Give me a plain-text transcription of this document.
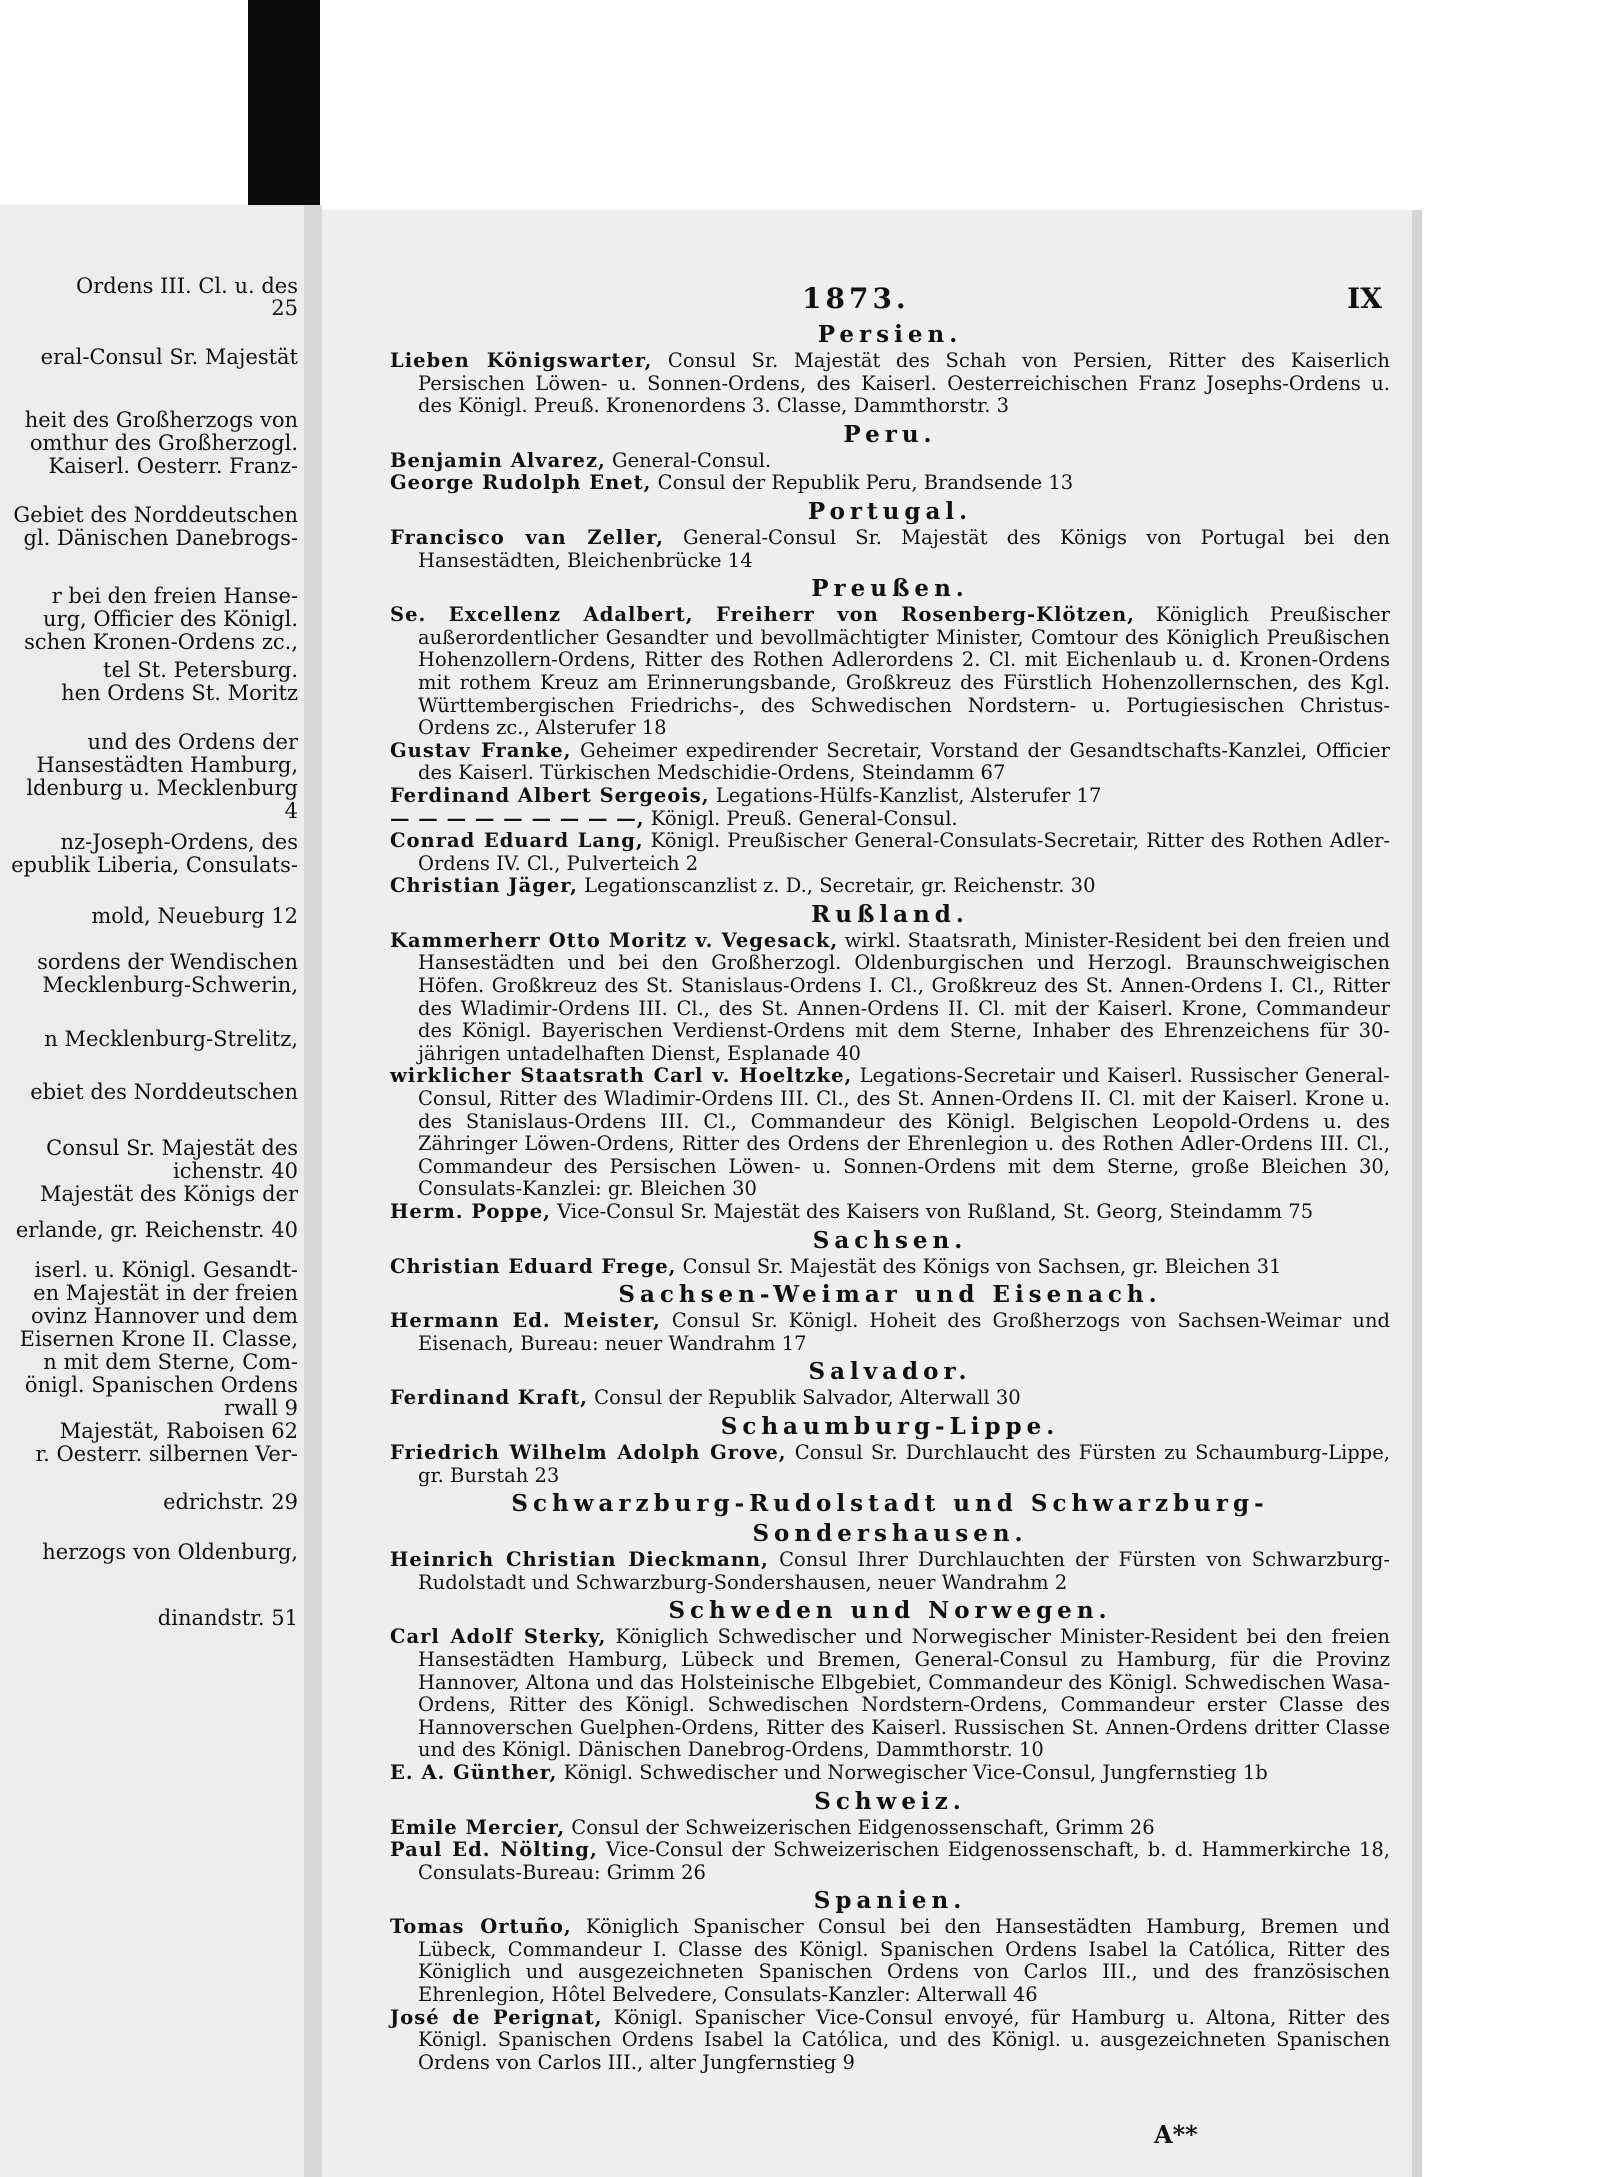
Ordens III. Cl. u. des
25
eral-Consul Sr. Majestät
heit des Großherzogs von
omthur des Großherzogl.
Kaiserl. Oesterr. Franz-
Gebiet des Norddeutschen
gl. Dänischen Danebrogs-
r bei den freien Hanse-
urg, Officier des Königl.
schen Kronen-Ordens zc.,
tel St. Petersburg.
hen Ordens St. Moritz
und des Ordens der
Hansestädten Hamburg,
ldenburg u. Mecklenburg
4
nz-Joseph-Ordens, des
epublik Liberia, Consulats-
mold, Neueburg 12
sordens der Wendischen
Mecklenburg-Schwerin,
n Mecklenburg-Strelitz,
ebiet des Norddeutschen
Consul Sr. Majestät des
ichenstr. 40
Majestät des Königs der
erlande, gr. Reichenstr. 40
iserl. u. Königl. Gesandt-
en Majestät in der freien
ovinz Hannover und dem
Eisernen Krone II. Classe,
n mit dem Sterne, Com-
önigl. Spanischen Ordens
rwall 9
Majestät, Raboisen 62
r. Oesterr. silbernen Ver-
edrichstr. 29
herzogs von Oldenburg,
dinandstr. 51
1873.	IX
Persien.

Lieben Königswarter, Consul Sr. Majestät des Schah von Persien, Ritter des Kaiserlich Persischen Löwen- u. Sonnen-Ordens, des Kaiserl. Oesterreichischen Franz Josephs-Ordens u. des Königl. Preuß. Kronenordens 3. Classe, Dammthorstr. 3

Peru.

Benjamin Alvarez, General-Consul.

George Rudolph Enet, Consul der Republik Peru, Brandsende 13

Portugal.

Francisco van Zeller, General-Consul Sr. Majestät des Königs von Portugal bei den Hansestädten, Bleichenbrücke 14

Preußen.

Se. Excellenz Adalbert, Freiherr von Rosenberg-Klötzen, Königlich Preußischer außerordentlicher Gesandter und bevollmächtigter Minister, Comtour des Königlich Preußischen Hohenzollern-Ordens, Ritter des Rothen Adlerordens 2. Cl. mit Eichenlaub u. d. Kronen-Ordens mit rothem Kreuz am Erinnerungsbande, Großkreuz des Fürstlich Hohenzollernschen, des Kgl. Württembergischen Friedrichs-, des Schwedischen Nordstern- u. Portugiesischen Christus-Ordens zc., Alsterufer 18

Gustav Franke, Geheimer expedirender Secretair, Vorstand der Gesandtschafts-Kanzlei, Officier des Kaiserl. Türkischen Medschidie-Ordens, Steindamm 67

Ferdinand Albert Sergeois, Legations-Hülfs-Kanzlist, Alsterufer 17

— — — — — — — — —, Königl. Preuß. General-Consul.

Conrad Eduard Lang, Königl. Preußischer General-Consulats-Secretair, Ritter des Rothen Adler-Ordens IV. Cl., Pulverteich 2

Christian Jäger, Legationscanzlist z. D., Secretair, gr. Reichenstr. 30

Rußland.

Kammerherr Otto Moritz v. Vegesack, wirkl. Staatsrath, Minister-Resident bei den freien und Hansestädten und bei den Großherzogl. Oldenburgischen und Herzogl. Braunschweigischen Höfen. Großkreuz des St. Stanislaus-Ordens I. Cl., Großkreuz des St. Annen-Ordens I. Cl., Ritter des Wladimir-Ordens III. Cl., des St. Annen-Ordens II. Cl. mit der Kaiserl. Krone, Commandeur des Königl. Bayerischen Verdienst-Ordens mit dem Sterne, Inhaber des Ehrenzeichens für 30-jährigen untadelhaften Dienst, Esplanade 40

wirklicher Staatsrath Carl v. Hoeltzke, Legations-Secretair und Kaiserl. Russischer General-Consul, Ritter des Wladimir-Ordens III. Cl., des St. Annen-Ordens II. Cl. mit der Kaiserl. Krone u. des Stanislaus-Ordens III. Cl., Commandeur des Königl. Belgischen Leopold-Ordens u. des Zähringer Löwen-Ordens, Ritter des Ordens der Ehrenlegion u. des Rothen Adler-Ordens III. Cl., Commandeur des Persischen Löwen- u. Sonnen-Ordens mit dem Sterne, große Bleichen 30, Consulats-Kanzlei: gr. Bleichen 30

Herm. Poppe, Vice-Consul Sr. Majestät des Kaisers von Rußland, St. Georg, Steindamm 75

Sachsen.

Christian Eduard Frege, Consul Sr. Majestät des Königs von Sachsen, gr. Bleichen 31

Sachsen-Weimar und Eisenach.

Hermann Ed. Meister, Consul Sr. Königl. Hoheit des Großherzogs von Sachsen-Weimar und Eisenach, Bureau: neuer Wandrahm 17

Salvador.

Ferdinand Kraft, Consul der Republik Salvador, Alterwall 30

Schaumburg-Lippe.

Friedrich Wilhelm Adolph Grove, Consul Sr. Durchlaucht des Fürsten zu Schaumburg-Lippe, gr. Burstah 23

Schwarzburg-Rudolstadt und Schwarzburg-Sondershausen.

Heinrich Christian Dieckmann, Consul Ihrer Durchlauchten der Fürsten von Schwarzburg-Rudolstadt und Schwarzburg-Sondershausen, neuer Wandrahm 2

Schweden und Norwegen.

Carl Adolf Sterky, Königlich Schwedischer und Norwegischer Minister-Resident bei den freien Hansestädten Hamburg, Lübeck und Bremen, General-Consul zu Hamburg, für die Provinz Hannover, Altona und das Holsteinische Elbgebiet, Commandeur des Königl. Schwedischen Wasa-Ordens, Ritter des Königl. Schwedischen Nordstern-Ordens, Commandeur erster Classe des Hannoverschen Guelphen-Ordens, Ritter des Kaiserl. Russischen St. Annen-Ordens dritter Classe und des Königl. Dänischen Danebrog-Ordens, Dammthorstr. 10

E. A. Günther, Königl. Schwedischer und Norwegischer Vice-Consul, Jungfernstieg 1b

Schweiz.

Emile Mercier, Consul der Schweizerischen Eidgenossenschaft, Grimm 26

Paul Ed. Nölting, Vice-Consul der Schweizerischen Eidgenossenschaft, b. d. Hammerkirche 18, Consulats-Bureau: Grimm 26

Spanien.

Tomas Ortuño, Königlich Spanischer Consul bei den Hansestädten Hamburg, Bremen und Lübeck, Commandeur I. Classe des Königl. Spanischen Ordens Isabel la Católica, Ritter des Königlich und ausgezeichneten Spanischen Ordens von Carlos III., und des französischen Ehrenlegion, Hôtel Belvedere, Consulats-Kanzler: Alterwall 46

José de Perignat, Königl. Spanischer Vice-Consul envoyé, für Hamburg u. Altona, Ritter des Königl. Spanischen Ordens Isabel la Católica, und des Königl. u. ausgezeichneten Spanischen Ordens von Carlos III., alter Jungfernstieg 9

A**
